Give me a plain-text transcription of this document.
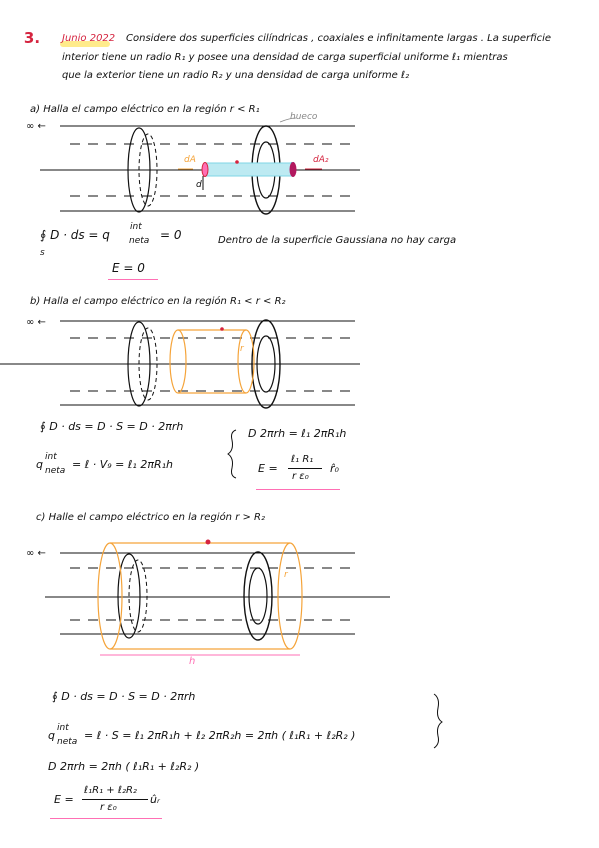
3. Junio 2022 Considere dos superficies cilíndricas , coaxiales e infinitamente largas . La superficie
interior tiene un radio R₁ y posee una densidad de carga superficial uniforme ℓ₁ mientras
que la exterior tiene un radio R₂ y una densidad de carga uniforme ℓ₂
a) Halla el campo eléctrico en la región r < R₁
hueco
∞ ←
dA	dA₂
d
∮ D · ds = q
int
neta = 0
s
Dentro de la superficie Gaussiana no hay carga
E = 0
b) Halla el campo eléctrico en la región R₁ < r < R₂
∞ ←
r
∮ D · ds = D · S = D · 2πrh
q
int
neta = ℓ · V₉ = ℓ₁ 2πR₁h
D 2πrh = ℓ₁ 2πR₁h
E =
ℓ₁ R₁
r ε₀
r̂₀
c) Halle el campo eléctrico en la región r > R₂
∞ ←
r
h
∮ D · ds = D · S = D · 2πrh
q
int
neta = ℓ · S = ℓ₁ 2πR₁h + ℓ₂ 2πR₂h = 2πh ( ℓ₁R₁ + ℓ₂R₂ )
D 2πrh = 2πh ( ℓ₁R₁ + ℓ₂R₂ )
E =
ℓ₁R₁ + ℓ₂R₂
r ε₀
ûᵣ
